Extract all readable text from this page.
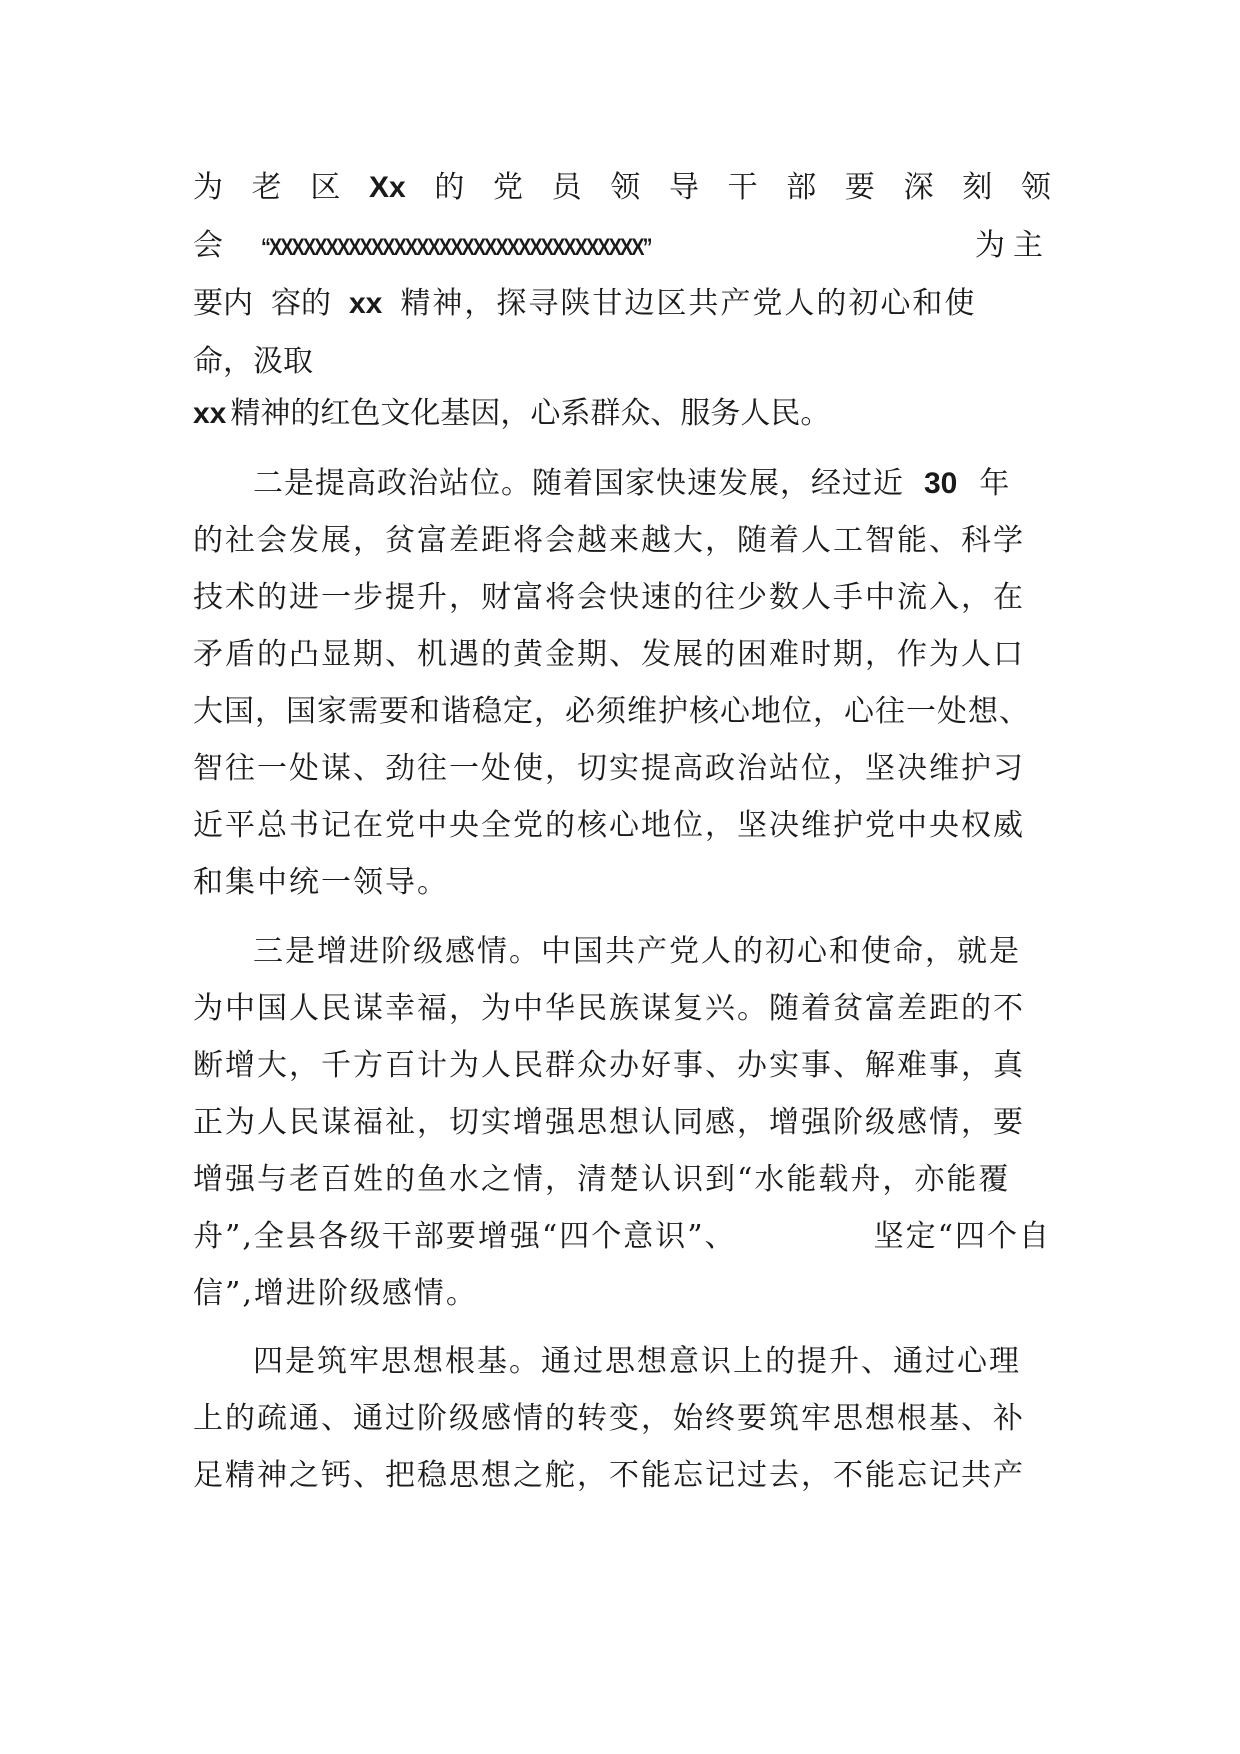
为 老 区 Xx 的 党 员 领 导 干 部 要 深 刻 领
会 “XXXXXXXXXXXXXXXXXXXXXXXXXXXXXXXXX”	为主
要内 容的 xx 精神，探寻陕甘边区共产党人的初心和使
命，汲取
xx 精神的红色文化基因，心系群众、服务人民。
二是提高政治站位。随着国家快速发展，经过近 30 年
的社会发展，贫富差距将会越来越大，随着人工智能、科学
技术的进一步提升，财富将会快速的往少数人手中流入，在
矛盾的凸显期、机遇的黄金期、发展的困难时期，作为人口
大国，国家需要和谐稳定，必须维护核心地位，心往一处想、
智往一处谋、劲往一处使，切实提高政治站位，坚决维护习
近平总书记在党中央全党的核心地位，坚决维护党中央权威
和集中统一领导。
三是增进阶级感情。中国共产党人的初心和使命，就是
为中国人民谋幸福，为中华民族谋复兴。随着贫富差距的不
断增大，千方百计为人民群众办好事、办实事、解难事，真
正为人民谋福祉，切实增强思想认同感，增强阶级感情，要
增强与老百姓的鱼水之情，清楚认识到“水能载舟，亦能覆
舟”,全县各级干部要增强“四个意识”、	坚定“四个自
信”,增进阶级感情。
四是筑牢思想根基。通过思想意识上的提升、通过心理
上的疏通、通过阶级感情的转变，始终要筑牢思想根基、补
足精神之钙、把稳思想之舵，不能忘记过去，不能忘记共产
